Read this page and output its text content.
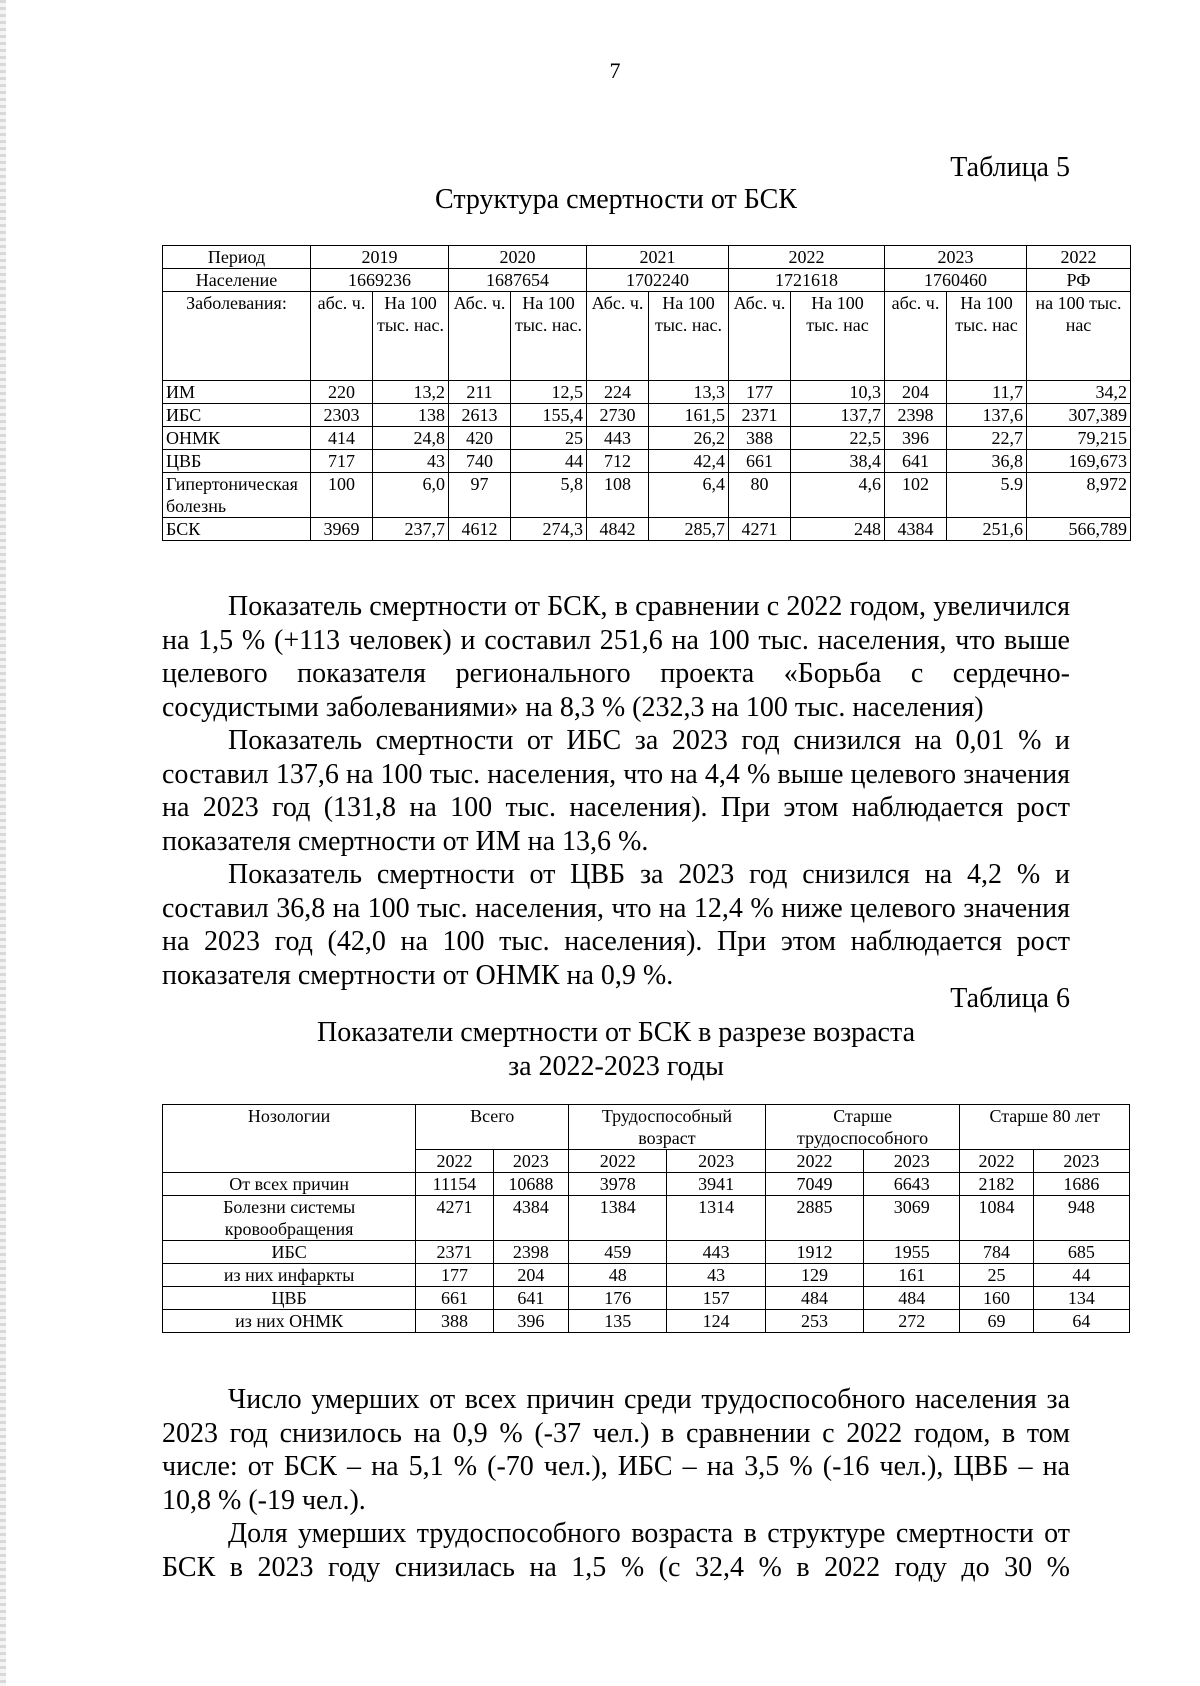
7
Таблица 5
Структура смертности от БСК
Период	2019		2020		2021		2022		2023		2022
Население	1669236		1687654		1702240		1721618		1760460		РФ
Заболевания:	абс. ч.	На 100 тыс. нас.	Абс. ч.	На 100 тыс. нас.	Абс. ч.	На 100 тыс. нас.	Абс. ч.	На 100 тыс. нас	абс. ч.	На 100 тыс. нас	на 100 тыс. нас
ИМ	220	13,2	211	12,5	224	13,3	177	10,3	204	11,7	34,2
ИБС	2303	138	2613	155,4	2730	161,5	2371	137,7	2398	137,6	307,389
ОНМК	414	24,8	420	25	443	26,2	388	22,5	396	22,7	79,215
ЦВБ	717	43	740	44	712	42,4	661	38,4	641	36,8	169,673
Гипертоническая болезнь	100	6,0	97	5,8	108	6,4	80	4,6	102	5.9	8,972
БСК	3969	237,7	4612	274,3	4842	285,7	4271	248	4384	251,6	566,789

Показатель смертности от БСК, в сравнении с 2022 годом, увеличился на 1,5 % (+113 человек) и составил 251,6 на 100 тыс. населения, что выше целевого показателя регионального проекта «Борьба с сердечно-сосудистыми заболеваниями» на 8,3 % (232,3 на 100 тыс. населения)

Показатель смертности от ИБС за 2023 год снизился на 0,01 % и составил 137,6 на 100 тыс. населения, что на 4,4 % выше целевого значения на 2023 год (131,8 на 100 тыс. населения). При этом наблюдается рост показателя смертности от ИМ на 13,6 %.

Показатель смертности от ЦВБ за 2023 год снизился на 4,2 % и составил 36,8 на 100 тыс. населения, что на 12,4 % ниже целевого значения на 2023 год (42,0 на 100 тыс. населения). При этом наблюдается рост показателя смертности от ОНМК на 0,9 %.

Таблица 6
Показатели смертности от БСК в разрезе возраста
за 2022-2023 годы
Нозологии	Всего		Трудоспособный возраст		Старше трудоспособного		Старше 80 лет	
	2022	2023	2022	2023	2022	2023	2022	2023
От всех причин	11154	10688	3978	3941	7049	6643	2182	1686
Болезни системы кровообращения	4271	4384	1384	1314	2885	3069	1084	948
ИБС	2371	2398	459	443	1912	1955	784	685
из них инфаркты	177	204	48	43	129	161	25	44
ЦВБ	661	641	176	157	484	484	160	134
из них ОНМК	388	396	135	124	253	272	69	64

Число умерших от всех причин среди трудоспособного населения за 2023 год снизилось на 0,9 % (-37 чел.) в сравнении с 2022 годом, в том числе: от БСК – на 5,1 % (-70 чел.), ИБС – на 3,5 % (-16 чел.), ЦВБ – на 10,8 % (-19 чел.).

Доля умерших трудоспособного возраста в структуре смертности от БСК в 2023 году снизилась на 1,5 % (с 32,4 % в 2022 году до 30 %
